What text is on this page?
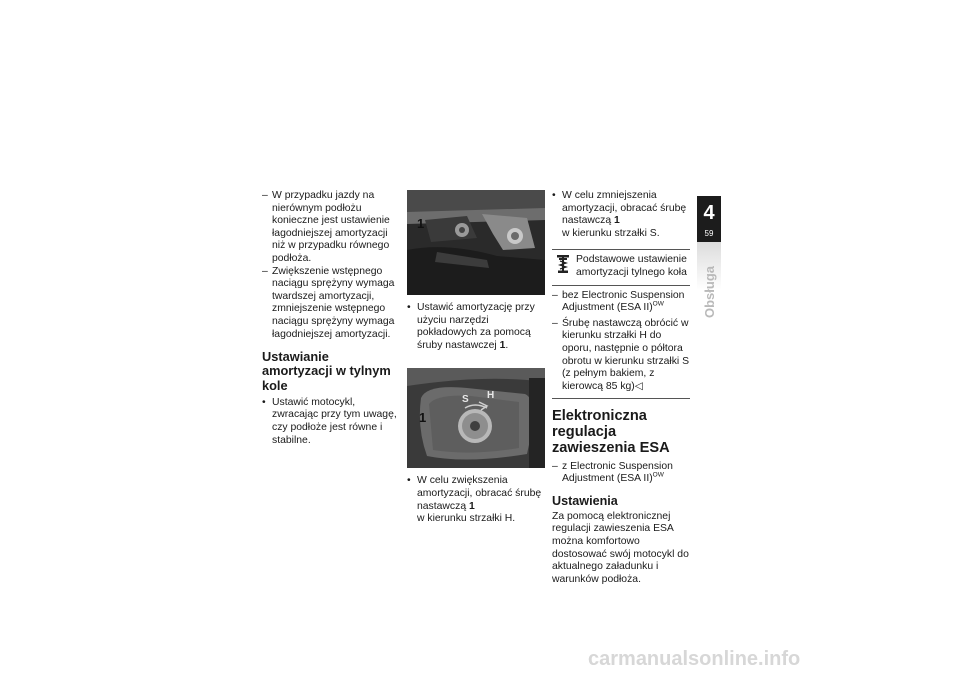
– W przypadku jazdy na nierównym podłożu konieczne jest ustawienie łagodniejszej amortyzacji niż w przypadku równego podłoża.

– Zwiększenie wstępnego naciągu sprężyny wymaga twardszej amortyzacji, zmniejszenie wstępnego naciągu sprężyny wymaga łagodniejszej amortyzacji.

Ustawianie amortyzacji w tylnym kole

• Ustawić motocykl, zwracając przy tym uwagę, czy podłoże jest równe i stabilne.

1

• Ustawić amortyzację przy użyciu narzędzi pokładowych za pomocą śruby nastawczej 1.

1
S H

• W celu zwiększenia amortyzacji, obracać śrubę nastawczą 1
w kierunku strzałki H.

• W celu zmniejszenia amortyzacji, obracać śrubę nastawczą 1
w kierunku strzałki S.

Podstawowe ustawienie amortyzacji tylnego koła

– bez Electronic Suspension Adjustment (ESA II)$^{OW}$

– Śrubę nastawczą obrócić w kierunku strzałki H do oporu, następnie o półtora obrotu w kierunku strzałki S (z pełnym bakiem, z kierowcą 85 kg)◁

Elektroniczna regulacja zawieszenia ESA

– z Electronic Suspension Adjustment (ESA II)$^{OW}$

Ustawienia

Za pomocą elektronicznej regulacji zawieszenia ESA można komfortowo dostosować swój motocykl do aktualnego załadunku i warunków podłoża.

4
59
Obsługa
carmanualsonline.info
